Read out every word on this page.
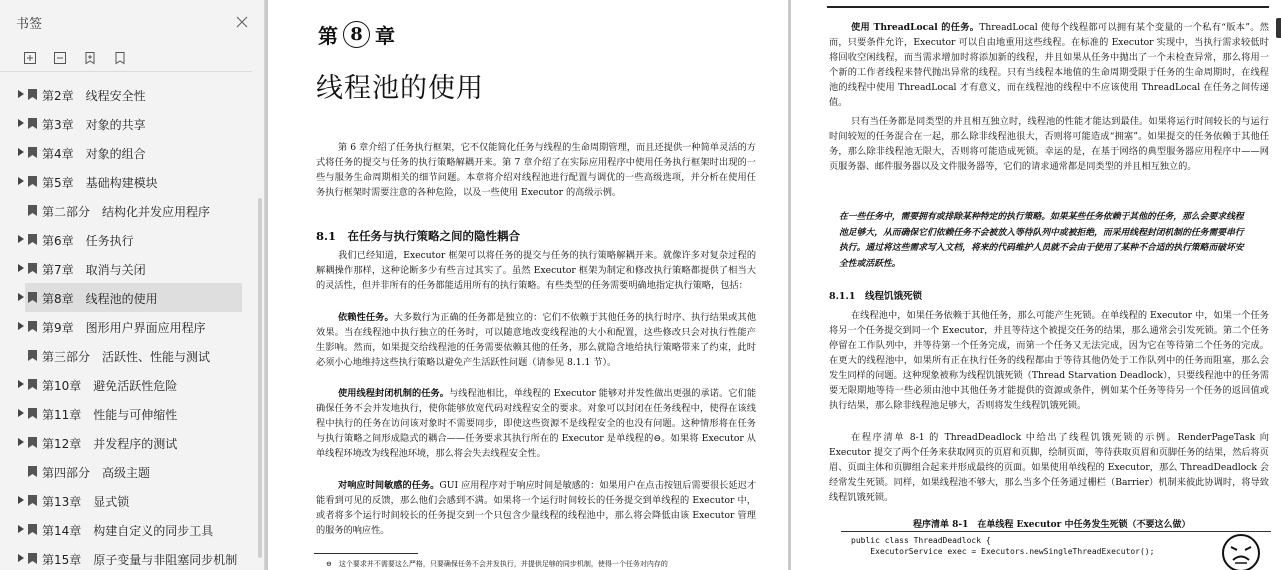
书签
第2章　线程安全性
第3章　对象的共享
第4章　对象的组合
第5章　基础构建模块
第二部分　结构化并发应用程序
第6章　任务执行
第7章　取消与关闭
第8章　线程池的使用
第9章　图形用户界面应用程序
第三部分　活跃性、性能与测试
第10章　避免活跃性危险
第11章　性能与可伸缩性
第12章　并发程序的测试
第四部分　高级主题
第13章　显式锁
第14章　构建自定义的同步工具
第15章　原子变量与非阻塞同步机制
第 8 章
线程池的使用

第 6 章介绍了任务执行框架，它不仅能简化任务与线程的生命周期管理，而且还提供一种简单灵活的方式将任务的提交与任务的执行策略解耦开来。第 7 章介绍了在实际应用程序中使用任务执行框架时出现的一些与服务生命周期相关的细节问题。本章将介绍对线程池进行配置与调优的一些高级选项，并分析在使用任务执行框架时需要注意的各种危险，以及一些使用 Executor 的高级示例。

8.1　在任务与执行策略之间的隐性耦合

我们已经知道，Executor 框架可以将任务的提交与任务的执行策略解耦开来。就像许多对复杂过程的解耦操作那样，这种论断多少有些言过其实了。虽然 Executor 框架为制定和修改执行策略都提供了相当大的灵活性，但并非所有的任务都能适用所有的执行策略。有些类型的任务需要明确地指定执行策略，包括：

依赖性任务。大多数行为正确的任务都是独立的：它们不依赖于其他任务的执行时序、执行结果或其他效果。当在线程池中执行独立的任务时，可以随意地改变线程池的大小和配置，这些修改只会对执行性能产生影响。然而，如果提交给线程池的任务需要依赖其他的任务，那么就隐含地给执行策略带来了约束，此时必须小心地维持这些执行策略以避免产生活跃性问题（请参见 8.1.1 节）。

使用线程封闭机制的任务。与线程池相比，单线程的 Executor 能够对并发性做出更强的承诺。它们能确保任务不会并发地执行，使你能够放宽代码对线程安全的要求。对象可以封闭在任务线程中，使得在该线程中执行的任务在访问该对象时不需要同步，即使这些资源不是线程安全的也没有问题。这种情形将在任务与执行策略之间形成隐式的耦合——任务要求其执行所在的 Executor 是单线程的⊖。如果将 Executor 从单线程环境改为线程池环境，那么将会失去线程安全性。

对响应时间敏感的任务。GUI 应用程序对于响应时间是敏感的：如果用户在点击按钮后需要很长延迟才能看到可见的反馈，那么他们会感到不满。如果将一个运行时间较长的任务提交到单线程的 Executor 中，或者将多个运行时间较长的任务提交到一个只包含少量线程的线程池中，那么将会降低由该 Executor 管理的服务的响应性。

⊖　这个要求并不需要这么严格，只要确保任务不会并发执行，并提供足够的同步机制，使得一个任务对内存的

使用 ThreadLocal 的任务。ThreadLocal 使每个线程都可以拥有某个变量的一个私有“版本”。然而，只要条件允许，Executor 可以自由地重用这些线程。在标准的 Executor 实现中，当执行需求较低时将回收空闲线程，而当需求增加时将添加新的线程，并且如果从任务中抛出了一个未检查异常，那么将用一个新的工作者线程来替代抛出异常的线程。只有当线程本地值的生命周期受限于任务的生命周期时，在线程池的线程中使用 ThreadLocal 才有意义，而在线程池的线程中不应该使用 ThreadLocal 在任务之间传递值。

只有当任务都是同类型的并且相互独立时，线程池的性能才能达到最佳。如果将运行时间较长的与运行时间较短的任务混合在一起，那么除非线程池很大，否则将可能造成“拥塞”。如果提交的任务依赖于其他任务，那么除非线程池无限大，否则将可能造成死锁。幸运的是，在基于网络的典型服务器应用程序中——网页服务器、邮件服务器以及文件服务器等，它们的请求通常都是同类型的并且相互独立的。

在一些任务中，需要拥有或排除某种特定的执行策略。如果某些任务依赖于其他的任务，那么会要求线程池足够大，从而确保它们依赖任务不会被放入等待队列中或被拒绝，而采用线程封闭机制的任务需要串行执行。通过将这些需求写入文档，将来的代码维护人员就不会由于使用了某种不合适的执行策略而破坏安全性或活跃性。

8.1.1　线程饥饿死锁

在线程池中，如果任务依赖于其他任务，那么可能产生死锁。在单线程的 Executor 中，如果一个任务将另一个任务提交到同一个 Executor，并且等待这个被提交任务的结果，那么通常会引发死锁。第二个任务停留在工作队列中，并等待第一个任务完成，而第一个任务又无法完成，因为它在等待第二个任务的完成。在更大的线程池中，如果所有正在执行任务的线程都由于等待其他仍处于工作队列中的任务而阻塞，那么会发生同样的问题。这种现象被称为线程饥饿死锁（Thread Starvation Deadlock），只要线程池中的任务需要无限期地等待一些必须由池中其他任务才能提供的资源或条件，例如某个任务等待另一个任务的返回值或执行结果，那么除非线程池足够大，否则将发生线程饥饿死锁。

在程序清单 8-1 的 ThreadDeadlock 中给出了线程饥饿死锁的示例。RenderPageTask 向 Executor 提交了两个任务来获取网页的页眉和页脚，绘制页面，等待获取页眉和页脚任务的结果，然后将页眉、页面主体和页脚组合起来并形成最终的页面。如果使用单线程的 Executor，那么 ThreadDeadlock 会经常发生死锁。同样，如果线程池不够大，那么当多个任务通过栅栏（Barrier）机制来彼此协调时，将导致线程饥饿死锁。

程序清单 8-1　在单线程 Executor 中任务发生死锁（不要这么做）
public class ThreadDeadlock {
ExecutorService exec = Executors.newSingleThreadExecutor();
